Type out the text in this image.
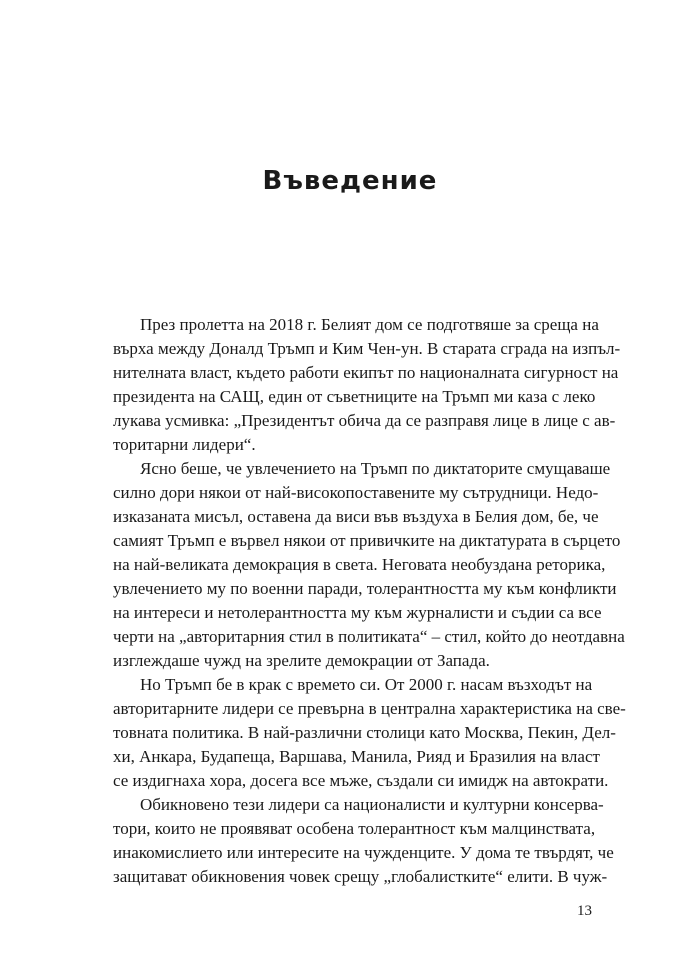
Въведение
През пролетта на 2018 г. Белият дом се подготвяше за среща на
върха между Доналд Тръмп и Ким Чен-ун. В старата сграда на изпъл-
нителната власт, където работи екипът по националната сигурност на
президента на САЩ, един от съветниците на Тръмп ми каза с леко
лукава усмивка: „Президентът обича да се разправя лице в лице с ав-
торитарни лидери“.
Ясно беше, че увлечението на Тръмп по диктаторите смущаваше
силно дори някои от най-високопоставените му сътрудници. Недо-
изказаната мисъл, оставена да виси във въздуха в Белия дом, бе, че
самият Тръмп е вървел някои от привичките на диктатурата в сърцето
на най-великата демокрация в света. Неговата необуздана реторика,
увлечението му по военни паради, толерантността му към конфликти
на интереси и нетолерантността му към журналисти и съдии са все
черти на „авторитарния стил в политиката“ – стил, който до неотдавна
изглеждаше чужд на зрелите демокрации от Запада.
Но Тръмп бе в крак с времето си. От 2000 г. насам възходът на
авторитарните лидери се превърна в централна характеристика на све-
товната политика. В най-различни столици като Москва, Пекин, Дел-
хи, Анкара, Будапеща, Варшава, Манила, Рияд и Бразилия на власт
се издигнаха хора, досега все мъже, създали си имидж на автократи.
Обикновено тези лидери са националисти и културни консерва-
тори, които не проявяват особена толерантност към малцинствата,
инакомислието или интересите на чужденците. У дома те твърдят, че
защитават обикновения човек срещу „глобалистките“ елити. В чуж-
13
